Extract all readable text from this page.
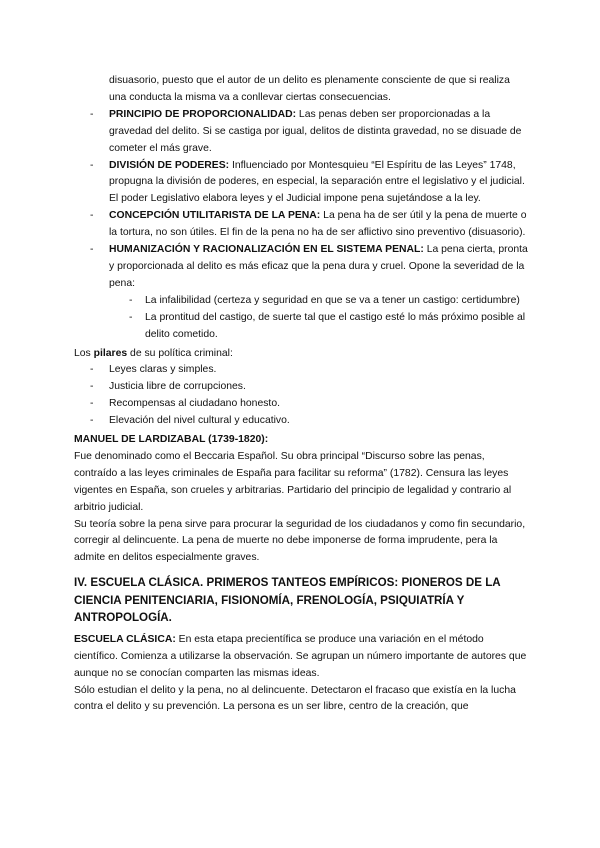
disuasorio, puesto que el autor de un delito es plenamente consciente de que si realiza una conducta la misma va a conllevar ciertas consecuencias.

- PRINCIPIO DE PROPORCIONALIDAD: Las penas deben ser proporcionadas a la gravedad del delito. Si se castiga por igual, delitos de distinta gravedad, no se disuade de cometer el más grave.
- DIVISIÓN DE PODERES: Influenciado por Montesquieu “El Espíritu de las Leyes” 1748, propugna la división de poderes, en especial, la separación entre el legislativo y el judicial. El poder Legislativo elabora leyes y el Judicial impone pena sujetándose a la ley.
- CONCEPCIÓN UTILITARISTA DE LA PENA: La pena ha de ser útil y la pena de muerte o la tortura, no son útiles. El fin de la pena no ha de ser aflictivo sino preventivo (disuasorio).
- HUMANIZACIÓN Y RACIONALIZACIÓN EN EL SISTEMA PENAL: La pena cierta, pronta y proporcionada al delito es más eficaz que la pena dura y cruel. Opone la severidad de la pena:
- La infalibilidad (certeza y seguridad en que se va a tener un castigo: certidumbre)
- La prontitud del castigo, de suerte tal que el castigo esté lo más próximo posible al delito cometido.

Los pilares de su política criminal:

- Leyes claras y simples.
- Justicia libre de corrupciones.
- Recompensas al ciudadano honesto.
- Elevación del nivel cultural y educativo.

MANUEL DE LARDIZABAL (1739-1820):

Fue denominado como el Beccaria Español. Su obra principal “Discurso sobre las penas, contraído a las leyes criminales de España para facilitar su reforma” (1782). Censura las leyes vigentes en España, son crueles y arbitrarias. Partidario del principio de legalidad y contrario al arbitrio judicial.

Su teoría sobre la pena sirve para procurar la seguridad de los ciudadanos y como fin secundario, corregir al delincuente. La pena de muerte no debe imponerse de forma imprudente, pera la admite en delitos especialmente graves.

IV. ESCUELA CLÁSICA. PRIMEROS TANTEOS EMPÍRICOS: PIONEROS DE LA CIENCIA PENITENCIARIA, FISIONOMÍA, FRENOLOGÍA, PSIQUIATRÍA Y ANTROPOLOGÍA.

ESCUELA CLÁSICA: En esta etapa precientífica se produce una variación en el método científico. Comienza a utilizarse la observación. Se agrupan un número importante de autores que aunque no se conocían comparten las mismas ideas.

Sólo estudian el delito y la pena, no al delincuente. Detectaron el fracaso que existía en la lucha contra el delito y su prevención. La persona es un ser libre, centro de la creación, que
